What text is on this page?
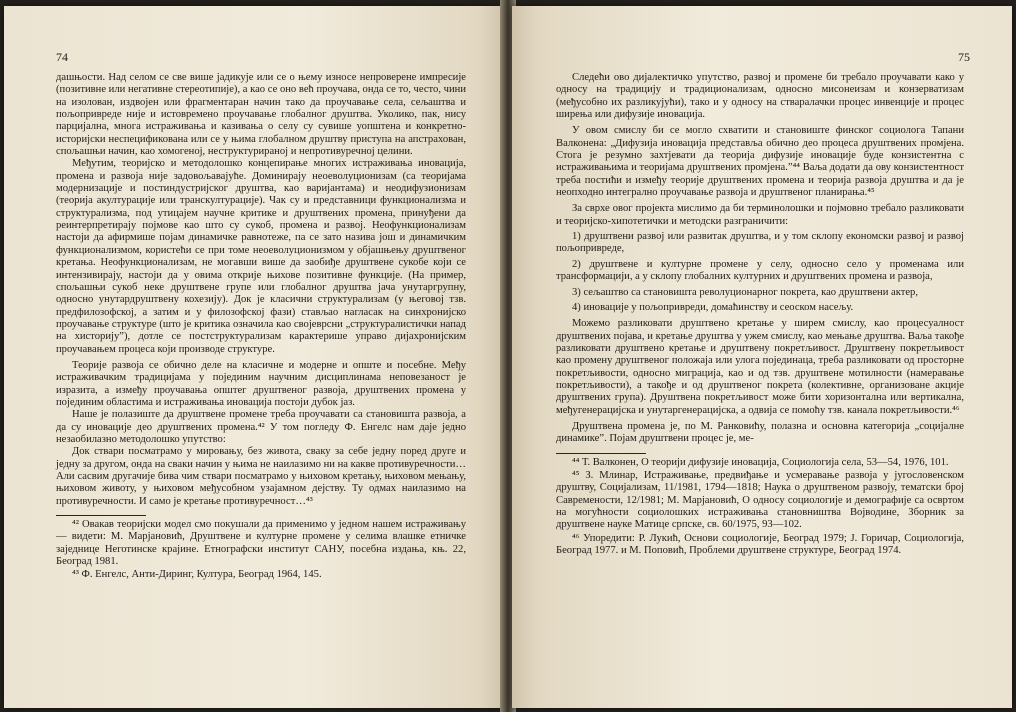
74

дашњости. Над селом се све више јадикује или се о њему износе непроверене импресије (позитивне или негативне стереотипије), а као се оно већ проучава, онда се то, често, чини на изолован, издвојен или фрагментаран начин тако да проучавање села, сељаштва и пољопривреде није и истовремено проучавање глобалног друштва. Уколико, пак, нису парцијална, многа истраживања и казивања о селу су сувише уопштена и конкретно-историјски неспецификована или се у њима глобалном друштву приступа на апстрахован, спољашњи начин, као хомогеној, неструктурираној и непротивуречној целини.

Међутим, теоријско и методолошко концепирање многих истраживања иновација, промена и развоја није задовољавајуће. Доминирају неоеволуционизам (са теоријама модернизације и постиндустријског друштва, као варијантама) и неодифузионизам (теорија акултурације или транскултурације). Чак су и представници функционализма и структурализма, под утицајем научне критике и друштвених промена, принуђени да реинтерпретирају појмове као што су сукоб, промена и развој. Неофункционализам настоји да афирмише појам динамичке равнотеже, па се зато назива још и динамичким функционализмом, користећи се при томе неоеволуционизмом у објашњењу друштвеног кретања. Неофункционализам, не могавши више да заобиђе друштвене сукобе који се интензивирају, настоји да у овима открије њихове позитивне функције. (На пример, спољашњи сукоб неке друштвене групе или глобалног друштва јача унутаргрупну, односно унутардруштвену кохезију). Док је класични структурализам (у његовој тзв. предфилозофској, а затим и у филозофској фази) стављао нагласак на синхронијско проучавање структуре (што је критика означила као својеврсни „структуралистички напад на хисторију”), дотле се постструктурализам карактерише управо дијахронијским проучавањем процеса који производе структуре.

Теорије развоја се обично деле на класичне и модерне и опште и посебне. Међу истраживачким традицијама у појединим научним дисциплинама неповезаност је изразита, а између проучавања општег друштвеног развоја, друштвених промена у појединим областима и истраживања иновација постоји дубок јаз.

Наше је полазиште да друштвене промене треба проучавати са становишта развоја, а да су иновације део друштвених промена.⁴² У том погледу Ф. Енгелс нам даје једно незаобилазно методолошко упутство:

Док ствари посматрамо у мировању, без живота, сваку за себе једну поред друге и једну за другом, онда на сваки начин у њима не наилазимо ни на какве противуречности… Али сасвим другачије бива чим ствари посматрамо у њиховом кретању, њиховом мењању, њиховом животу, у њиховом међусобном узајамном дејству. Ту одмах наилазимо на противуречности. И само је кретање противуречност…⁴³

⁴² Овакав теоријски модел смо покушали да применимо у једном нашем истраживању — видети: М. Марјановић, Друштвене и културне промене у селима влашке етничке заједнице Неготинске крајине. Етнографски институт САНУ, посебна издања, књ. 22, Београд 1981.

⁴³ Ф. Енгелс, Анти-Диринг, Култура, Београд 1964, 145.

75

Следећи ово дијалектичко упутство, развој и промене би требало проучавати како у односу на традицију и традиционализам, односно мисонеизам и конзерватизам (међусобно их разликујући), тако и у односу на стваралачки процес инвенције и процес ширења или дифузије иновација.

У овом смислу би се могло схватити и становиште финског социолога Тапани Валконена: „Дифузија иновација представља обично део процеса друштвених промјена. Стога је резумно захтјевати да теорија дифузије иновације буде конзистентна с истраживањима и теоријама друштвених промјена.”⁴⁴ Ваља додати да ову конзистентност треба постићи и између теорије друштвених промена и теорија развоја друштва и да је неопходно интегрално проучавање развоја и друштвеног планирања.⁴⁵

За сврхе овог пројекта мислимо да би терминолошки и појмовно требало разликовати и теоријско-хипотетички и методски разграничити:

1) друштвени развој или развитак друштва, и у том склопу економски развој и развој пољопривреде,

2) друштвене и културне промене у селу, односно село у променама или трансформацији, а у склопу глобалних културних и друштвених промена и развоја,

3) сељаштво са становишта револуционарног покрета, као друштвени актер,

4) иновације у пољопривреди, домаћинству и сеоском насељу.

Можемо разликовати друштвено кретање у ширем смислу, као процесуалност друштвених појава, и кретање друштва у ужем смислу, као мењање друштва. Ваља такође разликовати друштвено кретање и друштвену покретљивост. Друштвену покретљивост као промену друштвеног положаја или улога појединаца, треба разликовати од просторне покретљивости, односно миграција, као и од тзв. друштвене мотилности (намеравање покретљивости), а такође и од друштвеног покрета (колективне, организоване акције друштвених група). Друштвена покретљивост може бити хоризонтална или вертикална, међугенерацијска и унутаргенерацијска, а одвија се помоћу тзв. канала покретљивости.⁴⁶

Друштвена промена је, по М. Ранковићу, полазна и основна категорија „социјалне динамике”. Појам друштвени процес је, ме-

⁴⁴ Т. Валконен, О теорији дифузије иновација, Социологија села, 53—54, 1976, 101.

⁴⁵ З. Млинар, Истраживање, предвиђање и усмеравање развоја у југословенском друштву, Социјализам, 11/1981, 1794—1818; Наука о друштвеном развоју, тематски број Савремености, 12/1981; М. Марјановић, О односу социологије и демографије са освртом на могућности социолошких истраживања становништва Војводине, Зборник за друштвене науке Матице српске, св. 60/1975, 93—102.

⁴⁶ Упоредити: Р. Лукић, Основи социологије, Београд 1979; J. Горичар, Социологија, Београд 1977. и М. Поповић, Проблеми друштвене структуре, Београд 1974.
